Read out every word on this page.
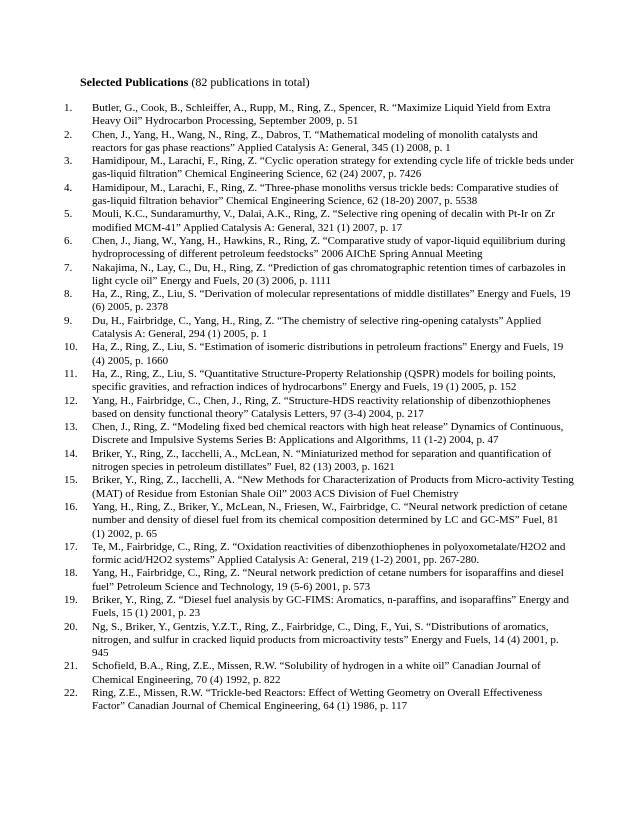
Selected Publications (82 publications in total)
1. Butler, G., Cook, B., Schleiffer, A., Rupp, M., Ring, Z., Spencer, R. “Maximize Liquid Yield from Extra Heavy Oil” Hydrocarbon Processing, September 2009, p. 51
2. Chen, J., Yang, H., Wang, N., Ring, Z., Dabros, T. “Mathematical modeling of monolith catalysts and reactors for gas phase reactions” Applied Catalysis A: General, 345 (1) 2008, p. 1
3. Hamidipour, M., Larachi, F., Ring, Z. “Cyclic operation strategy for extending cycle life of trickle beds under gas-liquid filtration” Chemical Engineering Science, 62 (24) 2007, p. 7426
4. Hamidipour, M., Larachi, F., Ring, Z. “Three-phase monoliths versus trickle beds: Comparative studies of gas-liquid filtration behavior” Chemical Engineering Science, 62 (18-20) 2007, p. 5538
5. Mouli, K.C., Sundaramurthy, V., Dalai, A.K., Ring, Z. “Selective ring opening of decalin with Pt-Ir on Zr modified MCM-41” Applied Catalysis A: General, 321 (1) 2007, p. 17
6. Chen, J., Jiang, W., Yang, H., Hawkins, R., Ring, Z. “Comparative study of vapor-liquid equilibrium during hydroprocessing of different petroleum feedstocks” 2006 AIChE Spring Annual Meeting
7. Nakajima, N., Lay, C., Du, H., Ring, Z. “Prediction of gas chromatographic retention times of carbazoles in light cycle oil” Energy and Fuels, 20 (3) 2006, p. 1111
8. Ha, Z., Ring, Z., Liu, S. “Derivation of molecular representations of middle distillates” Energy and Fuels, 19 (6) 2005, p. 2378
9. Du, H., Fairbridge, C., Yang, H., Ring, Z. “The chemistry of selective ring-opening catalysts” Applied Catalysis A: General, 294 (1) 2005, p. 1
10. Ha, Z., Ring, Z., Liu, S. “Estimation of isomeric distributions in petroleum fractions” Energy and Fuels, 19 (4) 2005, p. 1660
11. Ha, Z., Ring, Z., Liu, S. “Quantitative Structure-Property Relationship (QSPR) models for boiling points, specific gravities, and refraction indices of hydrocarbons” Energy and Fuels, 19 (1) 2005, p. 152
12. Yang, H., Fairbridge, C., Chen, J., Ring, Z. “Structure-HDS reactivity relationship of dibenzothiophenes based on density functional theory” Catalysis Letters, 97 (3-4) 2004, p. 217
13. Chen, J., Ring, Z. “Modeling fixed bed chemical reactors with high heat release” Dynamics of Continuous, Discrete and Impulsive Systems Series B: Applications and Algorithms, 11 (1-2) 2004, p. 47
14. Briker, Y., Ring, Z., Iacchelli, A., McLean, N. “Miniaturized method for separation and quantification of nitrogen species in petroleum distillates” Fuel, 82 (13) 2003, p. 1621
15. Briker, Y., Ring, Z., Iacchelli, A. “New Methods for Characterization of Products from Micro-activity Testing (MAT) of Residue from Estonian Shale Oil” 2003 ACS Division of Fuel Chemistry
16. Yang, H., Ring, Z., Briker, Y., McLean, N., Friesen, W., Fairbridge, C. “Neural network prediction of cetane number and density of diesel fuel from its chemical composition determined by LC and GC-MS” Fuel, 81 (1) 2002, p. 65
17. Te, M., Fairbridge, C., Ring, Z. “Oxidation reactivities of dibenzothiophenes in polyoxometalate/H2O2 and formic acid/H2O2 systems” Applied Catalysis A: General, 219 (1-2) 2001, pp. 267-280.
18. Yang, H., Fairbridge, C., Ring, Z. “Neural network prediction of cetane numbers for isoparaffins and diesel fuel” Petroleum Science and Technology, 19 (5-6) 2001, p. 573
19. Briker, Y., Ring, Z. “Diesel fuel analysis by GC-FIMS: Aromatics, n-paraffins, and isoparaffins” Energy and Fuels, 15 (1) 2001, p. 23
20. Ng, S., Briker, Y., Gentzis, Y.Z.T., Ring, Z., Fairbridge, C., Ding, F., Yui, S. “Distributions of aromatics, nitrogen, and sulfur in cracked liquid products from microactivity tests” Energy and Fuels, 14 (4) 2001, p. 945
21. Schofield, B.A., Ring, Z.E., Missen, R.W. “Solubility of hydrogen in a white oil” Canadian Journal of Chemical Engineering, 70 (4) 1992, p. 822
22. Ring, Z.E., Missen, R.W. “Trickle-bed Reactors: Effect of Wetting Geometry on Overall Effectiveness Factor” Canadian Journal of Chemical Engineering, 64 (1) 1986, p. 117
